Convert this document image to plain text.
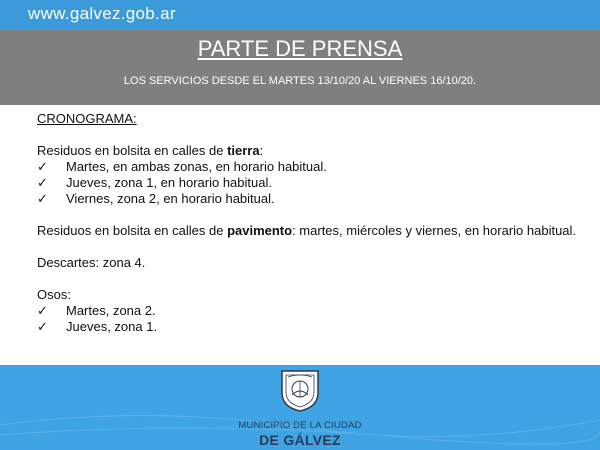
www.galvez.gob.ar
PARTE DE PRENSA
LOS SERVICIOS DESDE EL MARTES 13/10/20 AL VIERNES 16/10/20.
CRONOGRAMA:
Residuos en bolsita en calles de tierra:
✓ Martes, en ambas zonas, en horario habitual.
✓ Jueves, zona 1, en horario habitual.
✓ Viernes, zona 2, en horario habitual.
Residuos en bolsita en calles de pavimento: martes, miércoles y viernes, en horario habitual.
Descartes: zona 4.
Osos:
✓ Martes, zona 2.
✓ Jueves, zona 1.
MUNICIPIO DE LA CIUDAD
DE GÁLVEZ
